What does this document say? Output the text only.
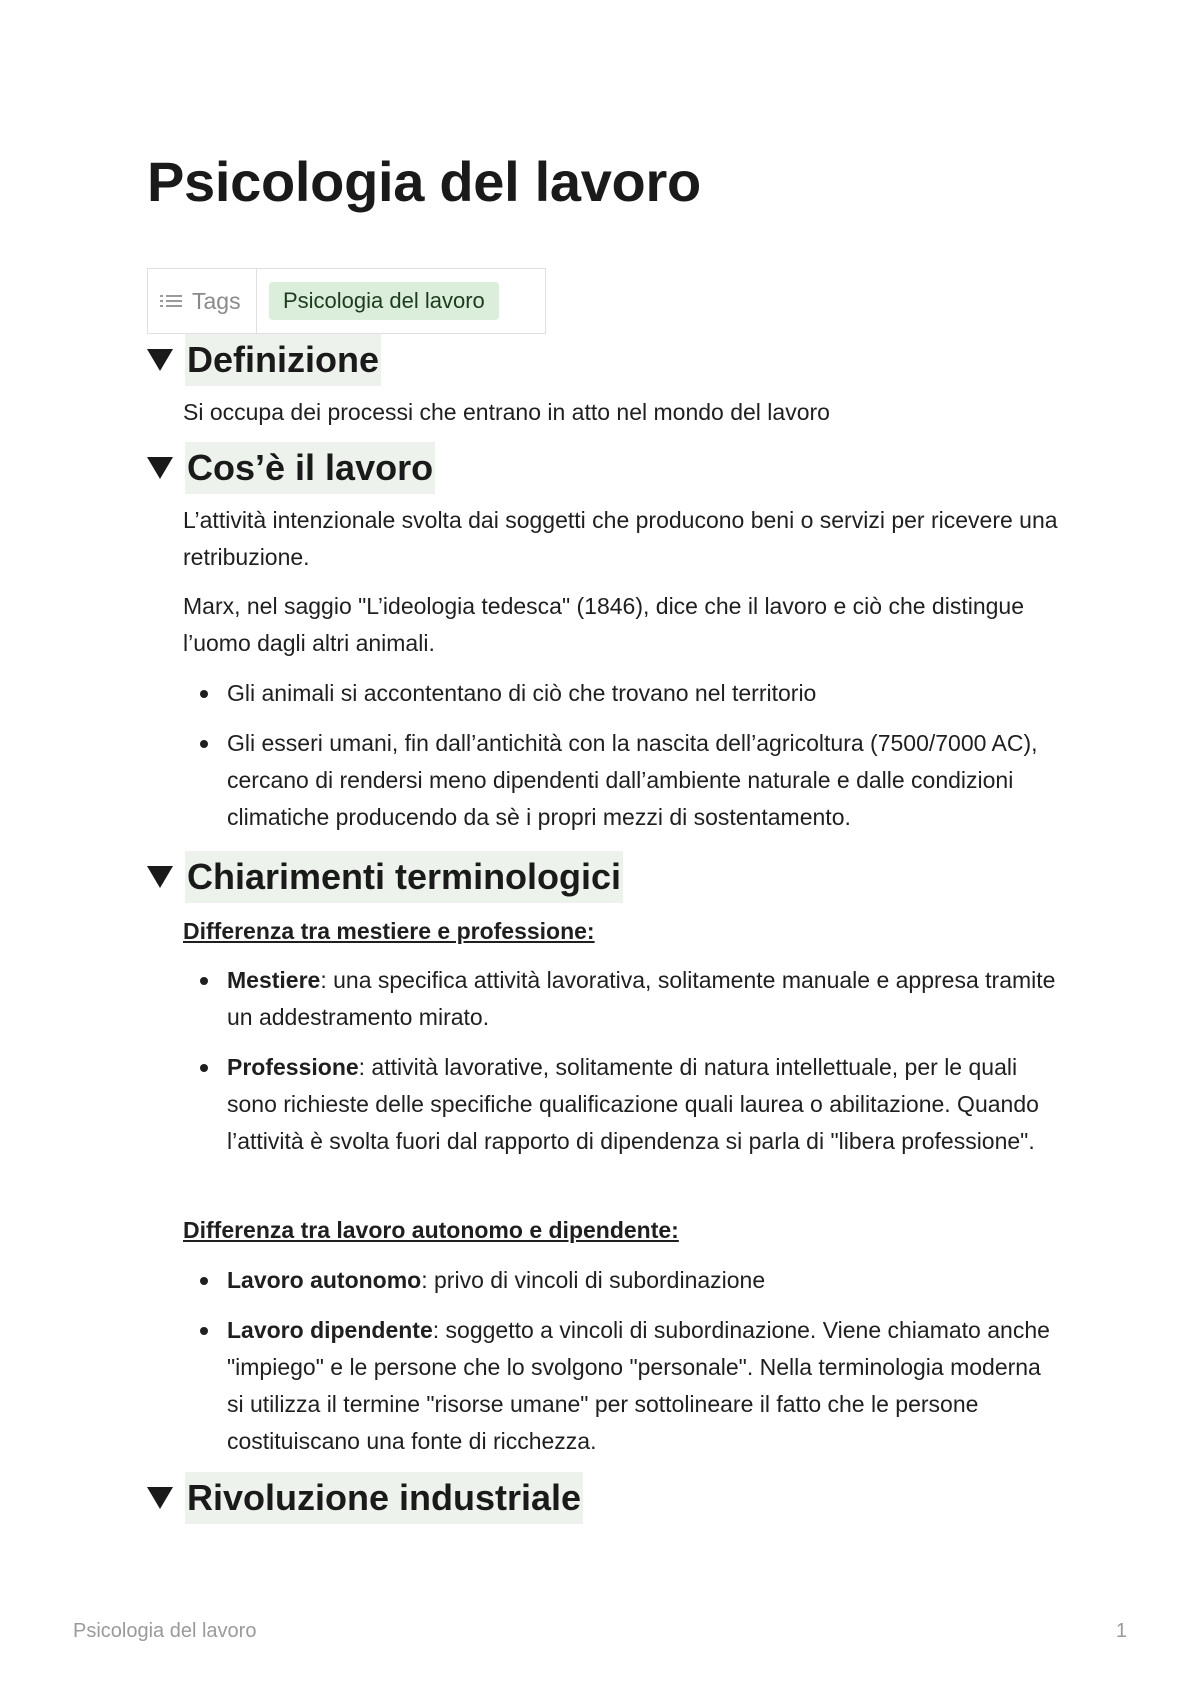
Psicologia del lavoro
Tags	Psicologia del lavoro
Definizione

Si occupa dei processi che entrano in atto nel mondo del lavoro

Cos’è il lavoro

L’attività intenzionale svolta dai soggetti che producono beni o servizi per ricevere una retribuzione.

Marx, nel saggio "L’ideologia tedesca" (1846), dice che il lavoro e ciò che distingue l’uomo dagli altri animali.

Gli animali si accontentano di ciò che trovano nel territorio
Gli esseri umani, fin dall’antichità con la nascita dell’agricoltura (7500/7000 AC), cercano di rendersi meno dipendenti dall’ambiente naturale e dalle condizioni climatiche producendo da sè i propri mezzi di sostentamento.
Chiarimenti terminologici

Differenza tra mestiere e professione:

Mestiere: una specifica attività lavorativa, solitamente manuale e appresa tramite un addestramento mirato.
Professione: attività lavorative, solitamente di natura intellettuale, per le quali sono richieste delle specifiche qualificazione quali laurea o abilitazione. Quando l’attività è svolta fuori dal rapporto di dipendenza si parla di "libera professione".

Differenza tra lavoro autonomo e dipendente:

Lavoro autonomo: privo di vincoli di subordinazione
Lavoro dipendente: soggetto a vincoli di subordinazione. Viene chiamato anche "impiego" e le persone che lo svolgono "personale". Nella terminologia moderna si utilizza il termine "risorse umane" per sottolineare il fatto che le persone costituiscano una fonte di ricchezza.
Rivoluzione industriale
Psicologia del lavoro	1
